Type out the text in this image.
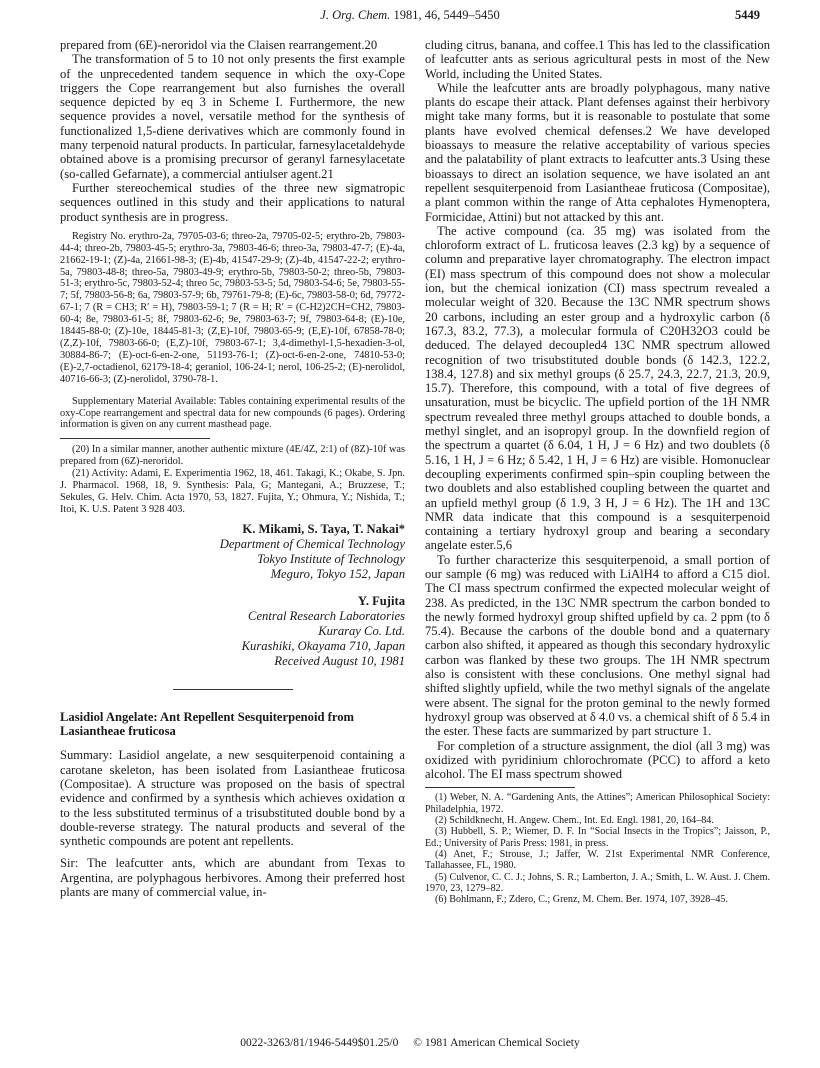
J. Org. Chem. 1981, 46, 5449–5450	5449

prepared from (6E)-neroridol via the Claisen rearrangement.20

The transformation of 5 to 10 not only presents the first example of the unprecedented tandem sequence in which the oxy-Cope triggers the Cope rearrangement but also furnishes the overall sequence depicted by eq 3 in Scheme I. Furthermore, the new sequence provides a novel, versatile method for the synthesis of functionalized 1,5-diene derivatives which are commonly found in many terpenoid natural products. In particular, farnesylacetaldehyde obtained above is a promising precursor of geranyl farnesylacetate (so-called Gefarnate), a commercial antiulser agent.21

Further stereochemical studies of the three new sigmatropic sequences outlined in this study and their applications to natural product synthesis are in progress.

Registry No. erythro-2a, 79705-03-6; threo-2a, 79705-02-5; erythro-2b, 79803-44-4; threo-2b, 79803-45-5; erythro-3a, 79803-46-6; threo-3a, 79803-47-7; (E)-4a, 21662-19-1; (Z)-4a, 21661-98-3; (E)-4b, 41547-29-9; (Z)-4b, 41547-22-2; erythro-5a, 79803-48-8; threo-5a, 79803-49-9; erythro-5b, 79803-50-2; threo-5b, 79803-51-3; erythro-5c, 79803-52-4; threo 5c, 79803-53-5; 5d, 79803-54-6; 5e, 79803-55-7; 5f, 79803-56-8; 6a, 79803-57-9; 6b, 79761-79-8; (E)-6c, 79803-58-0; 6d, 79772-67-1; 7 (R = CH3; R′ = H), 79803-59-1; 7 (R = H; R′ = (C-H2)2CH=CH2, 79803-60-4; 8e, 79803-61-5; 8f, 79803-62-6; 9e, 79803-63-7; 9f, 79803-64-8; (E)-10e, 18445-88-0; (Z)-10e, 18445-81-3; (Z,E)-10f, 79803-65-9; (E,E)-10f, 67858-78-0; (Z,Z)-10f, 79803-66-0; (E,Z)-10f, 79803-67-1; 3,4-dimethyl-1,5-hexadien-3-ol, 30884-86-7; (E)-oct-6-en-2-one, 51193-76-1; (Z)-oct-6-en-2-one, 74810-53-0; (E)-2,7-octadienol, 62179-18-4; geraniol, 106-24-1; nerol, 106-25-2; (E)-nerolidol, 40716-66-3; (Z)-nerolidol, 3790-78-1.

Supplementary Material Available: Tables containing experimental results of the oxy-Cope rearrangement and spectral data for new compounds (6 pages). Ordering information is given on any current masthead page.

(20) In a similar manner, another authentic mixture (4E/4Z, 2:1) of (8Z)-10f was prepared from (6Z)-neroridol.

(21) Activity: Adami, E. Experimentia 1962, 18, 461. Takagi, K.; Okabe, S. Jpn. J. Pharmacol. 1968, 18, 9. Synthesis: Pala, G; Mantegani, A.; Bruzzese, T.; Sekules, G. Helv. Chim. Acta 1970, 53, 1827. Fujita, Y.; Ohmura, Y.; Nishida, T.; Itoi, K. U.S. Patent 3 928 403.

K. Mikami, S. Taya, T. Nakai*
Department of Chemical Technology
Tokyo Institute of Technology
Meguro, Tokyo 152, Japan
Y. Fujita
Central Research Laboratories
Kuraray Co. Ltd.
Kurashiki, Okayama 710, Japan
Received August 10, 1981
Lasidiol Angelate: Ant Repellent Sesquiterpenoid from Lasiantheae fruticosa

Summary: Lasidiol angelate, a new sesquiterpenoid containing a carotane skeleton, has been isolated from Lasiantheae fruticosa (Compositae). A structure was proposed on the basis of spectral evidence and confirmed by a synthesis which achieves oxidation α to the less substituted terminus of a trisubstituted double bond by a double-reverse strategy. The natural products and several of the synthetic compounds are potent ant repellents.

Sir: The leafcutter ants, which are abundant from Texas to Argentina, are polyphagous herbivores. Among their preferred host plants are many of commercial value, in-

cluding citrus, banana, and coffee.1 This has led to the classification of leafcutter ants as serious agricultural pests in most of the New World, including the United States.

While the leafcutter ants are broadly polyphagous, many native plants do escape their attack. Plant defenses against their herbivory might take many forms, but it is reasonable to postulate that some plants have evolved chemical defenses.2 We have developed bioassays to measure the relative acceptability of various species and the palatability of plant extracts to leafcutter ants.3 Using these bioassays to direct an isolation sequence, we have isolated an ant repellent sesquiterpenoid from Lasiantheae fruticosa (Compositae), a plant common within the range of Atta cephalotes Hymenoptera, Formicidae, Attini) but not attacked by this ant.

The active compound (ca. 35 mg) was isolated from the chloroform extract of L. fruticosa leaves (2.3 kg) by a sequence of column and preparative layer chromatography. The electron impact (EI) mass spectrum of this compound does not show a molecular ion, but the chemical ionization (CI) mass spectrum revealed a molecular weight of 320. Because the 13C NMR spectrum shows 20 carbons, including an ester group and a hydroxylic carbon (δ 167.3, 83.2, 77.3), a molecular formula of C20H32O3 could be deduced. The delayed decoupled4 13C NMR spectrum allowed recognition of two trisubstituted double bonds (δ 142.3, 122.2, 138.4, 127.8) and six methyl groups (δ 25.7, 24.3, 22.7, 21.3, 20.9, 15.7). Therefore, this compound, with a total of five degrees of unsaturation, must be bicyclic. The upfield portion of the 1H NMR spectrum revealed three methyl groups attached to double bonds, a methyl singlet, and an isopropyl group. In the downfield region of the spectrum a quartet (δ 6.04, 1 H, J = 6 Hz) and two doublets (δ 5.16, 1 H, J = 6 Hz; δ 5.42, 1 H, J = 6 Hz) are visible. Homonuclear decoupling experiments confirmed spin–spin coupling between the two doublets and also established coupling between the quartet and an upfield methyl group (δ 1.9, 3 H, J = 6 Hz). The 1H and 13C NMR data indicate that this compound is a sesquiterpenoid containing a tertiary hydroxyl group and bearing a secondary angelate ester.5,6

To further characterize this sesquiterpenoid, a small portion of our sample (6 mg) was reduced with LiAlH4 to afford a C15 diol. The CI mass spectrum confirmed the expected molecular weight of 238. As predicted, in the 13C NMR spectrum the carbon bonded to the newly formed hydroxyl group shifted upfield by ca. 2 ppm (to δ 75.4). Because the carbons of the double bond and a quaternary carbon also shifted, it appeared as though this secondary hydroxylic carbon was flanked by these two groups. The 1H NMR spectrum also is consistent with these conclusions. One methyl signal had shifted slightly upfield, while the two methyl signals of the angelate were absent. The signal for the proton geminal to the newly formed hydroxyl group was observed at δ 4.0 vs. a chemical shift of δ 5.4 in the ester. These facts are summarized by part structure 1.

For completion of a structure assignment, the diol (all 3 mg) was oxidized with pyridinium chlorochromate (PCC) to afford a keto alcohol. The EI mass spectrum showed

(1) Weber, N. A. “Gardening Ants, the Attines”; American Philosophical Society: Philadelphia, 1972.

(2) Schildknecht, H. Angew. Chem., Int. Ed. Engl. 1981, 20, 164–84.

(3) Hubbell, S. P.; Wiemer, D. F. In “Social Insects in the Tropics”; Jaisson, P., Ed.; University of Paris Press: 1981, in press.

(4) Anet, F.; Strouse, J.; Jaffer, W. 21st Experimental NMR Conference, Tallahassee, FL, 1980.

(5) Culvenor, C. C. J.; Johns, S. R.; Lamberton, J. A.; Smith, L. W. Aust. J. Chem. 1970, 23, 1279–82.

(6) Bohlmann, F.; Zdero, C.; Grenz, M. Chem. Ber. 1974, 107, 3928–45.

0022-3263/81/1946-5449$01.25/0 © 1981 American Chemical Society
